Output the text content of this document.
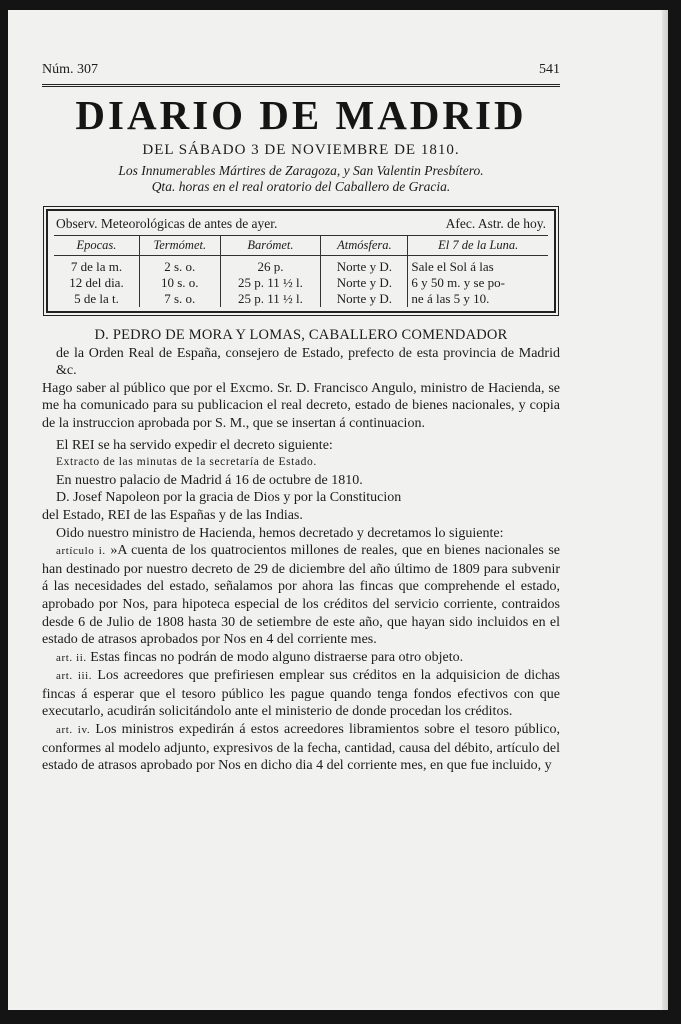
Núm. 307	541
DIARIO DE MADRID
DEL SÁBADO 3 DE NOVIEMBRE DE 1810.
Los Innumerables Mártires de Zaragoza, y San Valentin Presbítero.
Qta. horas en el real oratorio del Caballero de Gracia.
Observ. Meteorológicas de antes de ayer.	Afec. Astr. de hoy.
Epocas.	Termómet.	Barómet.	Atmósfera.	El 7 de la Luna.
7 de la m.	2 s. o.	26 p.	Norte y D.	Sale el Sol á las
12 del dia.	10 s. o.	25 p. 11 ½ l.	Norte y D.	6 y 50 m. y se po-
5 de la t.	7 s. o.	25 p. 11 ½ l.	Norte y D.	ne á las 5 y 10.

D. PEDRO DE MORA Y LOMAS, CABALLERO COMENDADOR

de la Orden Real de España, consejero de Estado, prefecto de esta provincia de Madrid &c.

Hago saber al público que por el Excmo. Sr. D. Francisco Angulo, ministro de Hacienda, se me ha comunicado para su publicacion el real decreto, estado de bienes nacionales, y copia de la instruccion aprobada por S. M., que se insertan á continuacion.

El REI se ha servido expedir el decreto siguiente:

Extracto de las minutas de la secretaría de Estado.

En nuestro palacio de Madrid á 16 de octubre de 1810.

D. Josef Napoleon por la gracia de Dios y por la Constitucion

del Estado, REI de las Españas y de las Indias.

Oido nuestro ministro de Hacienda, hemos decretado y decretamos lo siguiente:

artículo i. »A cuenta de los quatrocientos millones de reales, que en bienes nacionales se han destinado por nuestro decreto de 29 de diciembre del año último de 1809 para subvenir á las necesidades del estado, señalamos por ahora las fincas que comprehende el estado, aprobado por Nos, para hipoteca especial de los créditos del servicio corriente, contraidos desde 6 de Julio de 1808 hasta 30 de setiembre de este año, que hayan sido incluidos en el estado de atrasos aprobados por Nos en 4 del corriente mes.

art. ii. Estas fincas no podrán de modo alguno distraerse para otro objeto.

art. iii. Los acreedores que prefiriesen emplear sus créditos en la adquisicion de dichas fincas á esperar que el tesoro público les pague quando tenga fondos efectivos con que executarlo, acudirán solicitándolo ante el ministerio de donde procedan los créditos.

art. iv. Los ministros expedirán á estos acreedores libramientos sobre el tesoro público, conformes al modelo adjunto, expresivos de la fecha, cantidad, causa del débito, artículo del estado de atrasos aprobado por Nos en dicho dia 4 del corriente mes, en que fue incluido, y
